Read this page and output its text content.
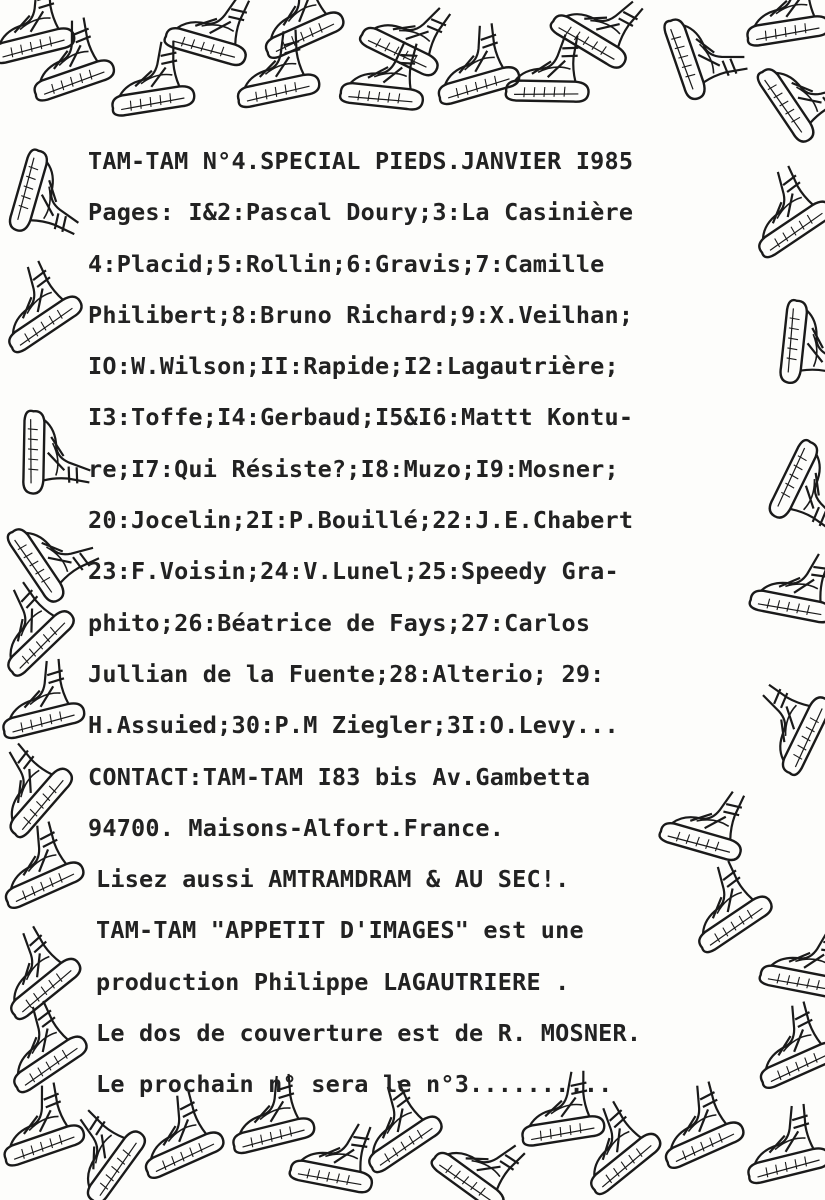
TAM-TAM N°4.SPECIAL PIEDS.JANVIER I985
Pages: I&2:Pascal Doury;3:La Casinière
4:Placid;5:Rollin;6:Gravis;7:Camille
Philibert;8:Bruno Richard;9:X.Veilhan;
IO:W.Wilson;II:Rapide;I2:Lagautrière;
I3:Toffe;I4:Gerbaud;I5&I6:Mattt Kontu-
re;I7:Qui Résiste?;I8:Muzo;I9:Mosner;
20:Jocelin;2I:P.Bouillé;22:J.E.Chabert
23:F.Voisin;24:V.Lunel;25:Speedy Gra-
phito;26:Béatrice de Fays;27:Carlos
Jullian de la Fuente;28:Alterio; 29:
H.Assuied;30:P.M Ziegler;3I:O.Levy...
CONTACT:TAM-TAM I83 bis Av.Gambetta
94700. Maisons-Alfort.France.
Lisez aussi AMTRAMDRAM & AU SEC!.
TAM-TAM "APPETIT D'IMAGES" est une
production Philippe LAGAUTRIERE .
Le dos de couverture est de R. MOSNER.
Le prochain n° sera le n°3..........
